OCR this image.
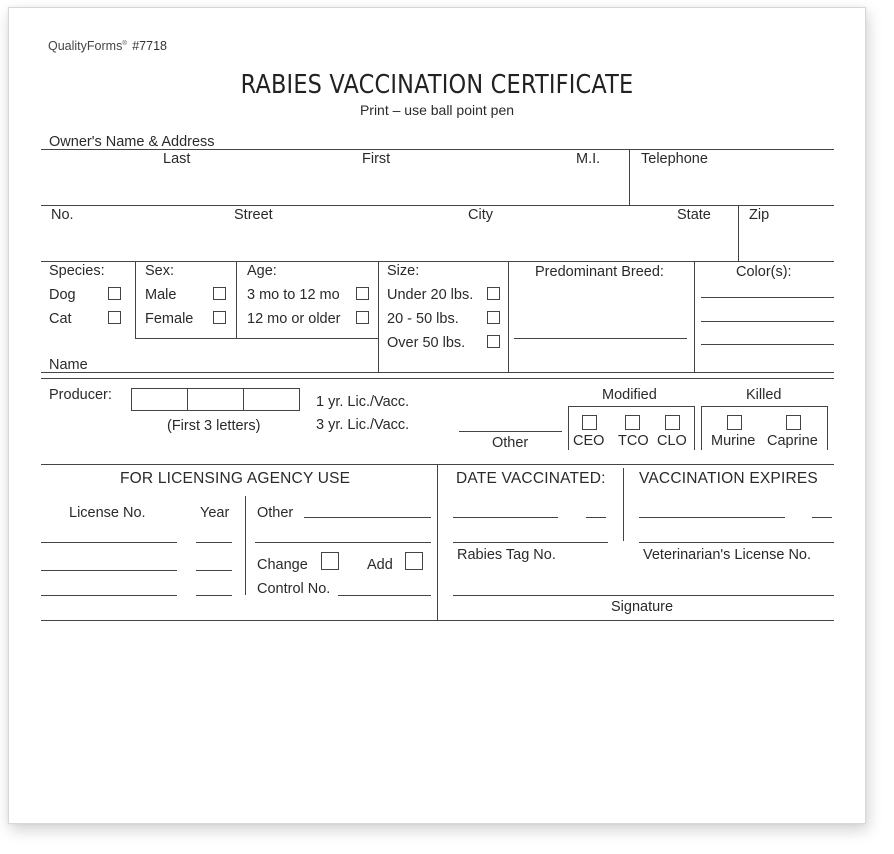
QualityForms® #7718
RABIES VACCINATION CERTIFICATE
Print – use ball point pen
Owner's Name & Address
Last	First	M.I.	Telephone
No.	Street	City	State	Zip
Species:
Dog
Cat
Sex:
Male
Female
Age:
3 mo to 12 mo
12 mo or older
Size:
Under 20 lbs.
20 - 50 lbs.
Over 50 lbs.
Predominant Breed:	Color(s):
Name
Producer:
(First 3 letters)
1 yr. Lic./Vacc.
3 yr. Lic./Vacc.
Other
Modified
CEO TCO CLO
Killed
Murine Caprine
FOR LICENSING AGENCY USE
License No.	Year Other
Change	Add
Control No.
DATE VACCINATED: VACCINATION EXPIRES
Rabies Tag No.	Veterinarian's License No.
Signature
